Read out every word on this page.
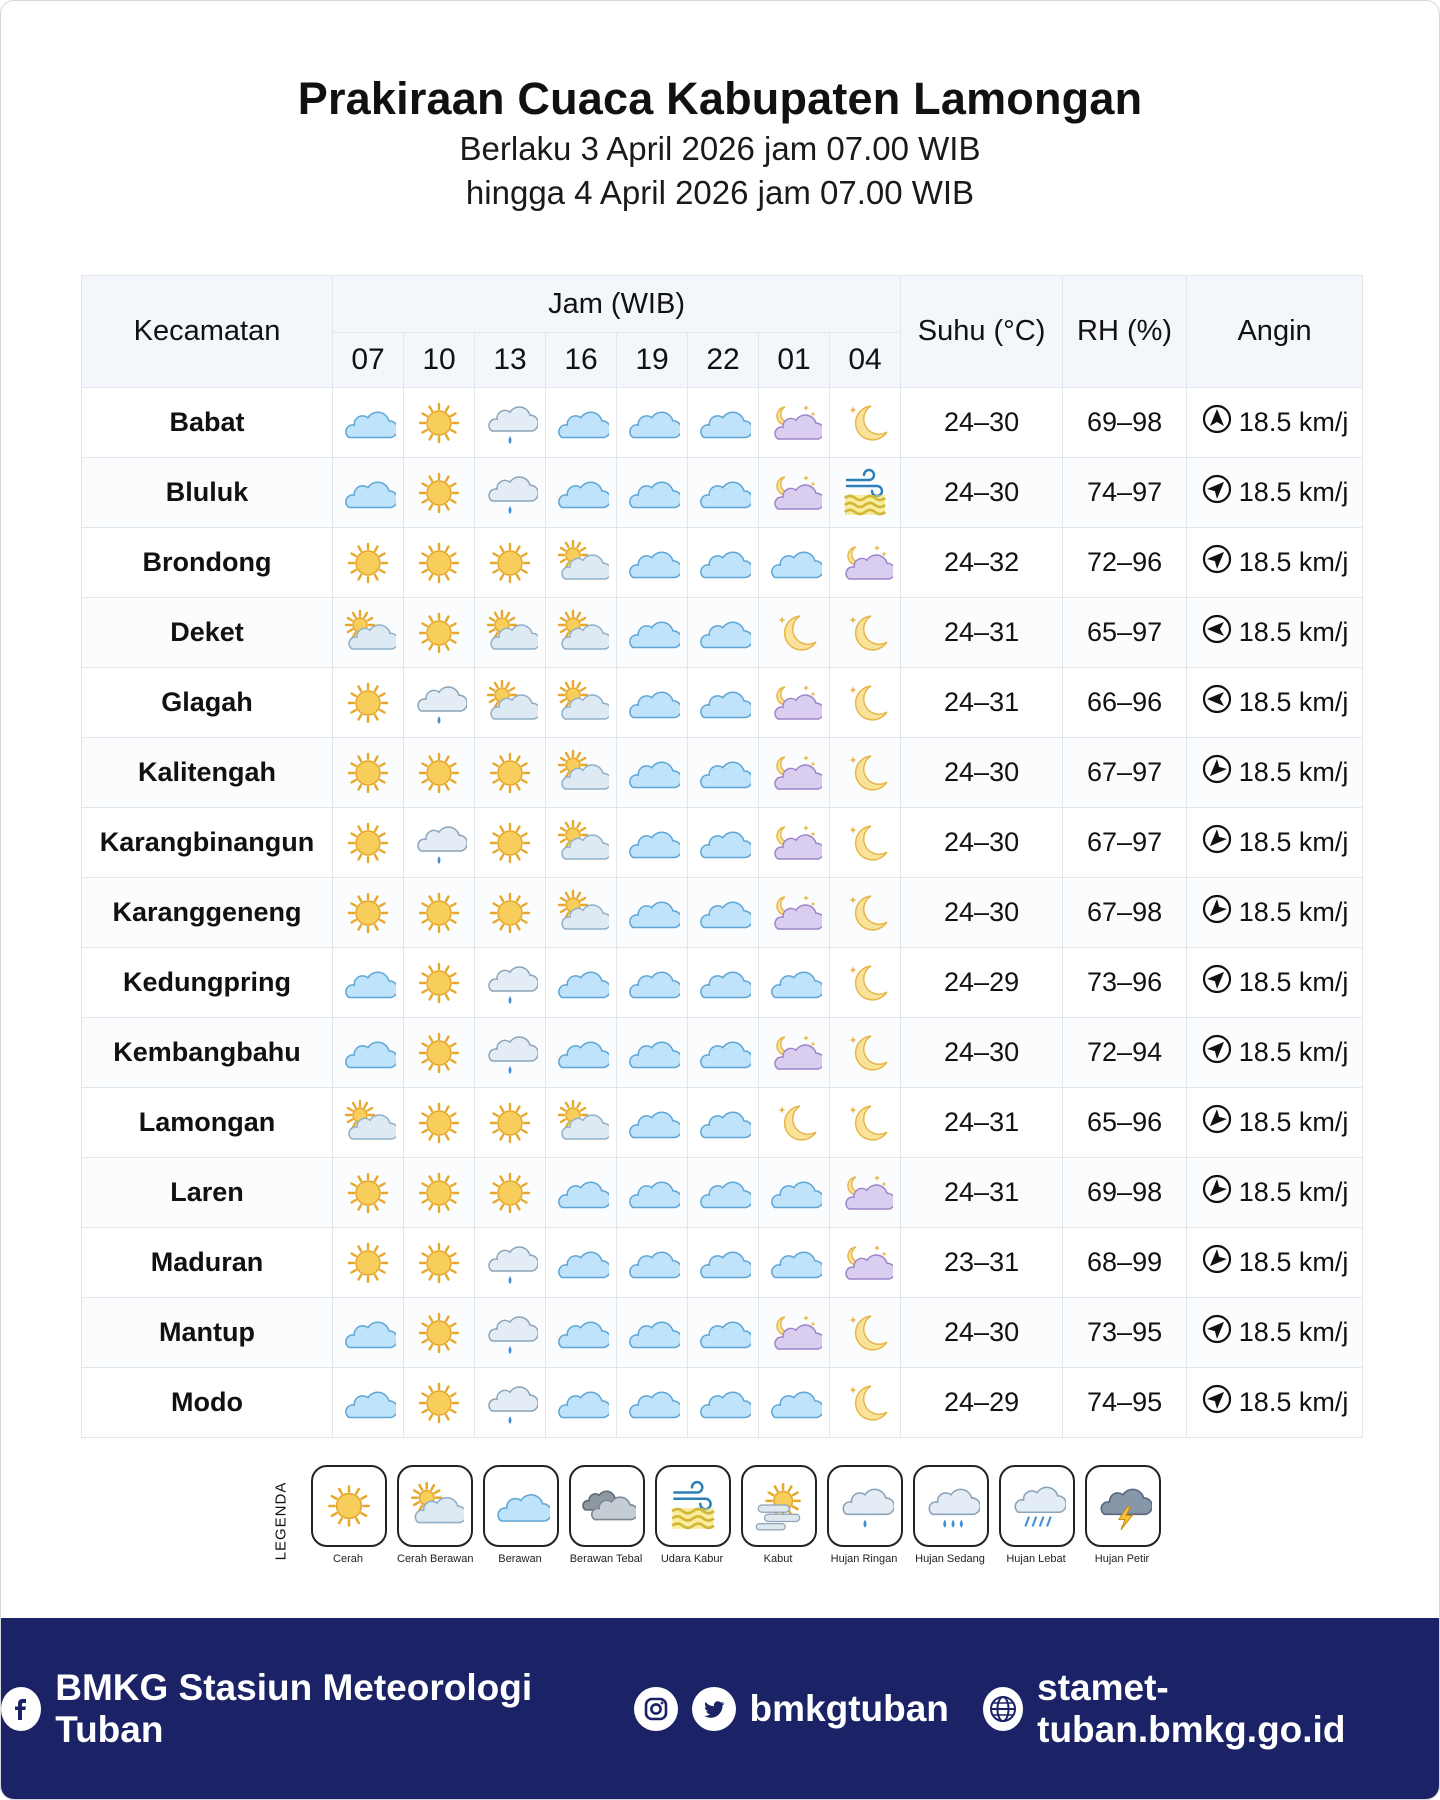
Prakiraan Cuaca Kabupaten Lamongan
Berlaku 3 April 2026 jam 07.00 WIB
hingga 4 April 2026 jam 07.00 WIB
Kecamatan	Jam (WIB)								Suhu (°C)	RH (%)	Angin
	07	10	13	16	19	22	01	04			
Babat									24–30	69–98	18.5 km/j

Bluluk									24–30	74–97	18.5 km/j

Brondong									24–32	72–96	18.5 km/j

Deket									24–31	65–97	18.5 km/j

Glagah									24–31	66–96	18.5 km/j

Kalitengah									24–30	67–97	18.5 km/j

Karangbinangun									24–30	67–97	18.5 km/j

Karanggeneng									24–30	67–98	18.5 km/j

Kedungpring									24–29	73–96	18.5 km/j

Kembangbahu									24–30	72–94	18.5 km/j

Lamongan									24–31	65–96	18.5 km/j

Laren									24–31	69–98	18.5 km/j

Maduran									23–31	68–99	18.5 km/j

Mantup									24–30	73–95	18.5 km/j

Modo									24–29	74–95	18.5 km/j
LEGENDA	Cerah	Cerah Berawan	Berawan	Berawan Tebal	Udara Kabur	Kabut	Hujan Ringan	Hujan Sedang	Hujan Lebat	Hujan Petir
BMKG Stasiun Meteorologi Tuban
bmkgtuban
stamet-tuban.bmkg.go.id
